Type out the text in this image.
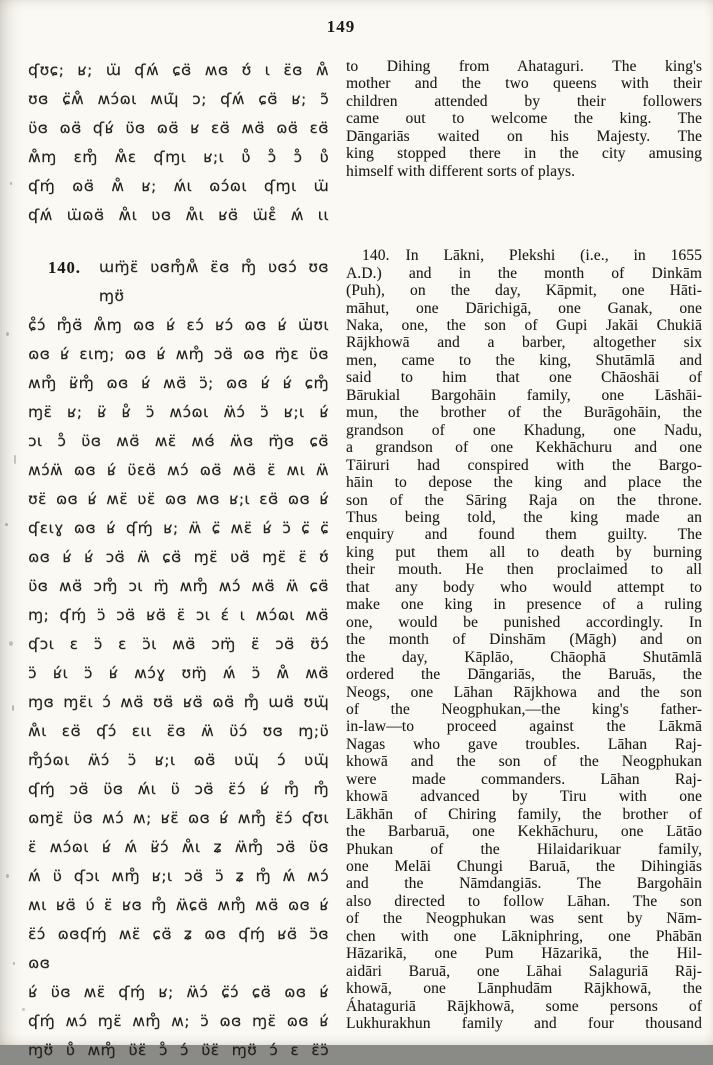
149
ʠʊɕ; ʁ; ɯ̈ ʠʍ́ ɕɞ̈ ʍɞ ʊ́ ɩ ɛ̈ɞ ʍ̊
ʊɞ ɕ̈ʍ̊ ʍɔ́ɷɩ ʍɰ̃ ɔ; ʠʍ́ ɕɞ̈ ʁ; ɔ̃
ʋ̈ɞ ɷɞ̈ ʠʁ́ ʋ̈ɞ ɷɞ̈ ʁ ɛɞ̈ ʍɞ̈ ɷɞ̈ ɛɞ̈
ʍ̊ɱ ɛɱ̊ ʍ̊ɛ ʠɱɩ ʁ;ɩ ʋ̊ ɔ̊ ɔ̊ ʋ̊
ʠɱ́ ɷɞ̈ ʍ̊ ʁ; ʍ́ɩ ɷɔ́ɷɩ ʠɱɩ ɯ̈
ʠʍ́ ɯ̈ɷɞ̈ ʍ̊ɩ ʋɞ ʍ̊ɩ ʁɞ̈ ɯ̈ɛ̊ ʍ́ ɩɩ
140.	ɯɱ̈ɛ̈ ʋɞɱ̊ʍ̊ ɛ̈ɞ ɱ̊ ʋɞɔ́ ʊɞ ɱʊ̈
ɕ̊ɔ́ ɱ̊ɞ̈ ʍ̊ɱ ɷɞ ʁ́ ɛɔ́ ʁɔ́ ɷɞ ʁ́ ɯ̈ʊɩ
ɷɞ ʁ́ ɛɩɱ; ɷɞ ʁ́ ʍɱ̊ ɔɞ̈ ɷɞ ɱ̈ɛ ʋ̈ɞ
ʍɱ̊ ʁ̈ɱ̊ ɷɞ ʁ́ ʍɞ̈ ɔ̈; ɷɞ ʁ́ ʁ́ ɕɱ̊
ɱɛ̈ ʁ; ʁ̈ ʁ̊ ɔ̈ ʍɔ́ɷɩ ʍ̈ɔ́ ɔ̈ ʁ;ɩ ʁ́
ɔɩ ɔ̊ ʋ̈ɞ ʍɞ̈ ʍɛ̈ ʍɞ́ ʍ̈ɞ ɱ̈ɞ ɕɞ̈
ʍɔ́ʍ̈ ɷɞ ʁ́ ʋ̈ɛɞ̈ ʍɔ́ ɷɞ̈ ʍɞ̈ ɛ̈ ʍɩ ʍ̈
ʊɛ̈ ɷɞ ʁ́ ʍɛ̈ ʋɛ̈ ɷɞ ʍɞ ʁ;ɩ ɛɞ̈ ɷɞ ʁ́
ʠɛɩɣ ɷɞ ʁ́ ʠɱ́ ʁ; ʍ̈ ɕ̈ ʍɛ̈ ʁ́ ɔ̈ ɕ̈ ɕ̈
ɷɞ ʁ́ ʁ́ ɔɞ̈ ʍ̈ ɕɞ̈ ɱɛ̈ ʋɞ̈ ɱɛ̈ ɛ̈ ʊ́
ʋ̈ɞ ʍɞ̈ ɔɱ̊ ɔɩ ɱ̈ ʍɱ̊ ʍɔ́ ʍɞ̈ ʍ̈ ɕɞ̈
ɱ; ʠɱ́ ɔ̈ ɔɞ̈ ʁɞ̈ ɛ̈ ɔɩ ɛ́ ɩ ʍɔ́ɷɩ ʍɞ̈
ʠɔɩ ɛ ɔ̈ ɛ ɔ̈ɩ ʍɞ̈ ɔɱ̈ ɛ̈ ɔɞ̈ ʊ̈ɔ́
ɔ̈ ʁ́ɩ ɔ̈ ʁ́ ʍɔ́ɣ ʊɱ̈ ʍ́ ɔ̈ ʍ̊ ʍɞ̈
ɱɞ ɱɛ̈ɩ ɔ́ ʍɞ̈ ʊɞ̈ ʁɞ̈ ɷɞ̈ ɱ̊ ɯɞ̈ ʊɰ̈
ʍ̊ɩ ɛɞ̈ ʠɔ́ ɛɩɩ ɛ̈ɞ ʍ̈ ʋ̈ɔ́ ʊɞ ɱ;ʋ̈
ɱ̊ɔ́ɷɩ ʍ̈ɔ́ ɔ̈ ʁ;ɩ ɷɞ̈ ʋɰ̈ ɔ́ ʋɰ̈
ʠɱ́ ɔɞ̈ ʋ̈ɞ ʍ́ɩ ʋ̈ ɔɞ̈ ɛ̈ɔ́ ʁ́ ɱ̊ ɱ̊
ɷɱɛ̈ ʋ̈ɞ ʍɔ́ ʍ; ʁɛ̈ ɷɞ ʁ́ ʍɱ̊ ɛ̈ɔ́ ʠʊɩ
ɛ̈ ʍɔ́ɷɩ ʁ́ ʍ́ ʁ̈ɔ́ ʍ̊ɩ ʑ ʍ̈ɱ̊ ɔɞ̈ ʋ̈ɞ
ʍ́ ʋ̈ ʠɔɩ ʍɱ̊ ʁ;ɩ ɔɞ̈ ɔ̈ ʑ ɱ̊ ʍ́ ʍɔ́
ʍɩ ʁɞ̈ ʋ́ ɛ̈ ʁɞ ɱ̊ ʍ̈ɕɞ̈ ʍɱ̊ ʍɞ̈ ɷɞ ʁ́
ɛ̈ɔ́ ɷɞʠɱ́ ʍɛ̈ ɕɞ̈ ʑ ɷɞ ʠɱ́ ʁɞ̈ ɔ̈ɞ ɷɞ
ʁ́ ʋ̈ɞ ʍɛ̈ ʠɱ́ ʁ; ʍ̈ɔ́ ɕ̈ɔ́ ɕɞ̈ ɷɞ ʁ́
ʠɱ́ ʍɔ́ ɱɛ̈ ʍɱ̊ ʍ; ɔ̈ ɷɞ ɱɛ̈ ɷɞ ʁ́
ɱʊ̈ ʋ̊ ʍɱ̊ ʋ̈ɛ̈ ɔ̊ ɔ́ ʋ̈ɛ̈ ɱʊ̈ ɔ́ ɛ ɛ̈ɔ̈
to Dihing from Ahataguri. The king's
mother and the two queens with their
children attended by their followers
came out to welcome the king. The
Dāngariās waited on his Majesty. The
king stopped there in the city amusing
himself with different sorts of plays.
140.	In Lākni, Plekshi (i.e., in 1655
A.D.) and in the month of Dinkām
(Puh), on the day, Kāpmit, one Hāti-
māhut, one Dārichigā, one Ganak, one
Naka, one, the son of Gupi Jakāi Chukiā
Rājkhowā and a barber, altogether six
men, came to the king, Shutāmlā and
said to him that one Chāoshāi of
Bārukial Bargohāin family, one Lāshāi-
mun, the brother of the Burāgohāin, the
grandson of one Khadung, one Nadu,
a grandson of one Kekhāchuru and one
Tāiruri had conspired with the Bargo-
hāin to depose the king and place the
son of the Sāring Raja on the throne.
Thus being told, the king made an
enquiry and found them guilty. The
king put them all to death by burning
their mouth. He then proclaimed to all
that any body who would attempt to
make one king in presence of a ruling
one, would be punished accordingly. In
the month of Dinshām (Māgh) and on
the day, Kāplāo, Chāophā Shutāmlā
ordered the Dāngariās, the Baruās, the
Neogs, one Lāhan Rājkhowa and the son
of the Neogphukan,—the king's father-
in-law—to proceed against the Lākmā
Nagas who gave troubles. Lāhan Raj-
khowā and the son of the Neogphukan
were made commanders. Lāhan Raj-
khowā advanced by Tiru with one
Lākhān of Chiring family, the brother of
the Barbaruā, one Kekhāchuru, one Lātāo
Phukan of the Hilaidarikuar family,
one Melāi Chungi Baruā, the Dihingiās
and the Nāmdangiās. The Bargohāin
also directed to follow Lāhan. The son
of the Neogphukan was sent by Nām-
chen with one Lākniphring, one Phābān
Hāzarikā, one Pum Hāzarikā, the Hil-
aidāri Baruā, one Lāhai Salaguriā Rāj-
khowā, one Lānphudām Rājkhowā, the
Áhataguriā Rājkhowā, some persons of
Lukhurakhun family and four thousand
